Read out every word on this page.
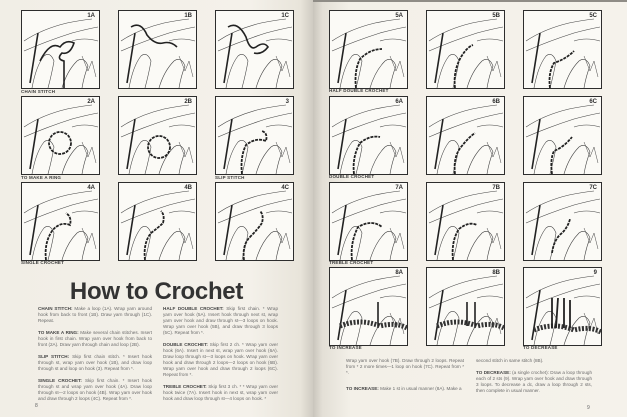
1A	1B	1C
CHAIN STITCH
2A	2B	3
TO MAKE A RING	SLIP STITCH
4A	4B	4C
SINGLE CROCHET
How to Crochet

CHAIN STITCH: Make a loop (1A). Wrap yarn around hook from back to front (1B). Draw yarn through (1C). Repeat.

TO MAKE A RING: Make several chain stitches. Insert hook in first chain. Wrap yarn over hook from back to front (2A). Draw yarn through chain and loop (2B).

SLIP STITCH: Skip first chain stitch. * Insert hook through st, wrap yarn over hook (1B), and draw loop through st and loop on hook (3). Repeat from *.

SINGLE CROCHET: Skip first chain. * Insert hook through st and wrap yarn over hook (4A). Draw loop through st—2 loops on hook (4B). Wrap yarn over hook and draw through 2 loops (4C). Repeat from *.

HALF DOUBLE CROCHET: Skip first chain. * Wrap yarn over hook (5A). Insert hook through next st, wrap yarn over hook and draw through st—3 loops on hook. Wrap yarn over hook (5B), and draw through 3 loops (5C). Repeat from *.

DOUBLE CROCHET: Skip first 2 ch. * Wrap yarn over hook (6A). Insert in next st, wrap yarn over hook (6A). Draw loop through st—3 loops on hook. Wrap yarn over hook and draw through 2 loops—2 loops on hook (6B). Wrap yarn over hook and draw through 2 loops (6C). Repeat from *.

TREBLE CROCHET: Skip first 3 ch. * * Wrap yarn over hook twice (7A). Insert hook in next st, wrap yarn over hook and draw loop through st—4 loops on hook. *

8
5A	5B	5C
HALF DOUBLE CROCHET
6A	6B	6C
DOUBLE CROCHET
7A	7B	7C
TREBLE CROCHET
8A	8B	9
TO INCREASE	TO DECREASE

Wrap yarn over hook (7B). Draw through 2 loops. Repeat from * 2 more times—1 loop on hook (7C). Repeat from * *.

TO INCREASE: Make 1 st in usual manner (8A). Make a

second stitch in same stitch (8B).

TO DECREASE: (a single crochet): Draw a loop through each of 2 sts (9). Wrap yarn over hook and draw through 3 loops. To decrease a dc, draw a loop through 2 sts, then complete in usual manner.

9
